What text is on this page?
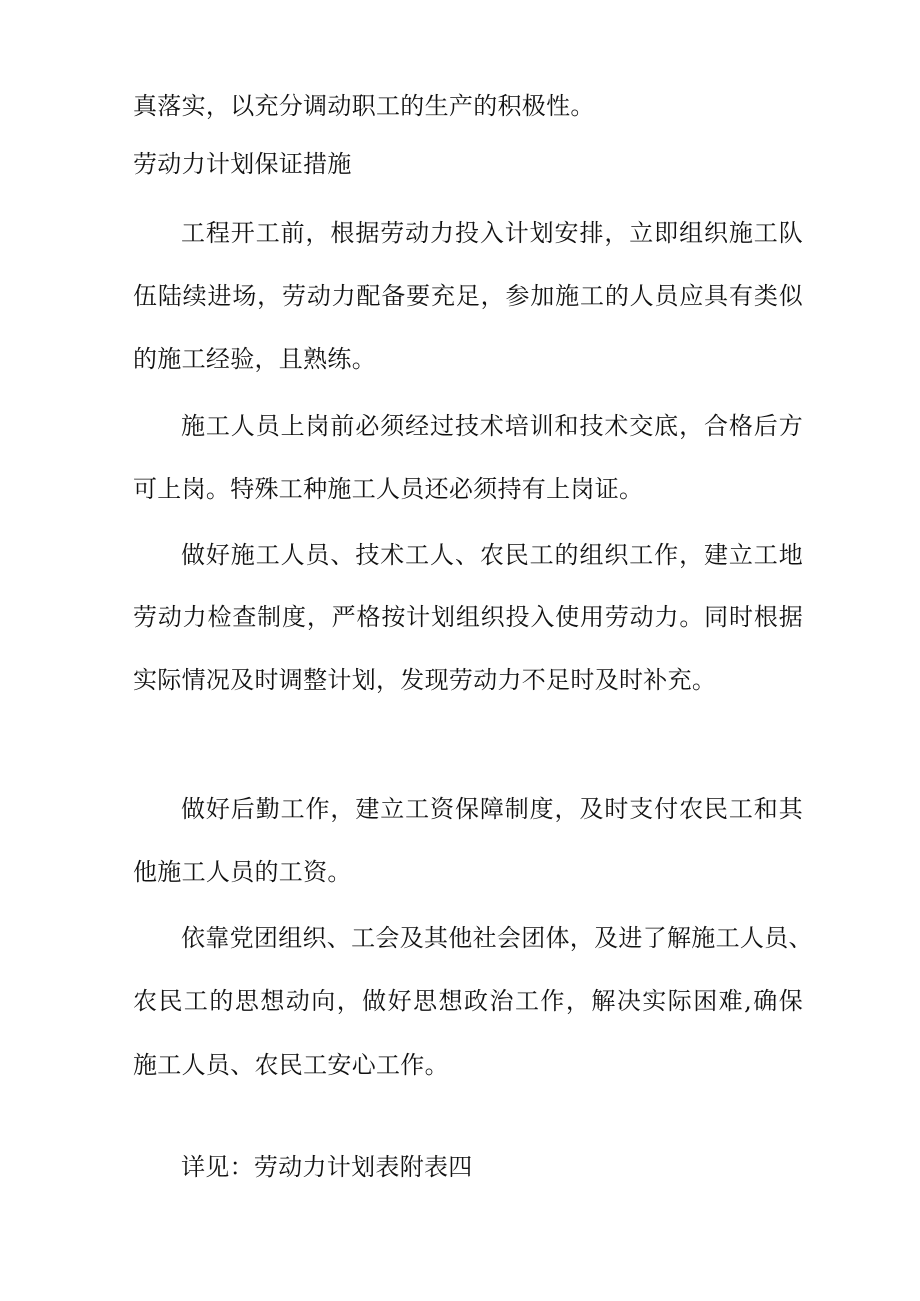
真落实，以充分调动职工的生产的积极性。
劳动力计划保证措施
工程开工前，根据劳动力投入计划安排，立即组织施工队
伍陆续进场，劳动力配备要充足，参加施工的人员应具有类似
的施工经验，且熟练。
施工人员上岗前必须经过技术培训和技术交底，合格后方
可上岗。特殊工种施工人员还必须持有上岗证。
做好施工人员、技术工人、农民工的组织工作，建立工地
劳动力检查制度，严格按计划组织投入使用劳动力。同时根据
实际情况及时调整计划，发现劳动力不足时及时补充。
做好后勤工作，建立工资保障制度，及时支付农民工和其
他施工人员的工资。
依靠党团组织、工会及其他社会团体，及进了解施工人员、
农民工的思想动向，做好思想政治工作，解决实际困难,确保
施工人员、农民工安心工作。
详见：劳动力计划表附表四
